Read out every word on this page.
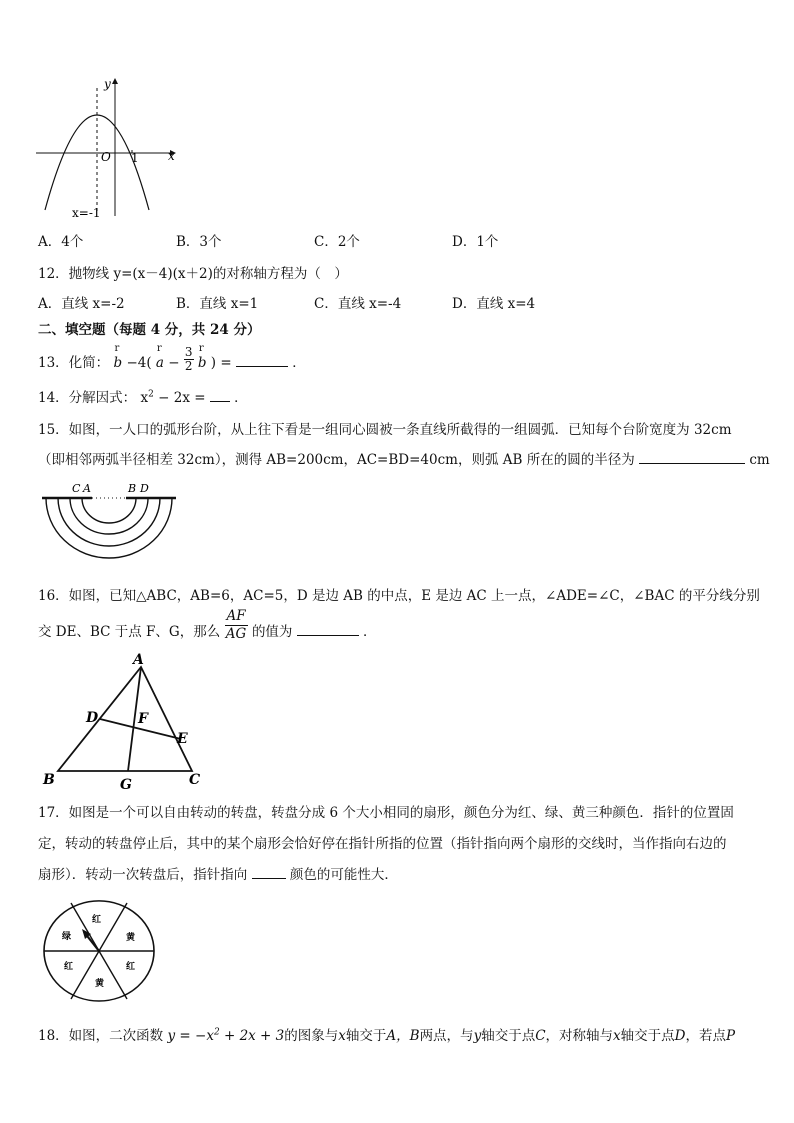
y
x
O 1
x=-1
A．4个	B．3个	C．2个	D．1个
12．抛物线 y=(x－4)(x＋2)的对称轴方程为（　）
A．直线 x=-2	B．直线 x=1	C．直线 x=-4	D．直线 x=4
二、填空题（每题 4 分，共 24 分）
13．化简：
r
b −4(
r
$a - \frac{3}{2}$
r
b ) =	．
14．分解因式： $x^2 - 2x$ =  ．
15．如图，一人口的弧形台阶，从上往下看是一组同心圆被一条直线所截得的一组圆弧．已知每个台阶宽度为 32cm
（即相邻两弧半径相差 32cm），测得 AB=200cm，AC=BD=40cm，则弧 AB 所在的圆的半径为	cm
C A	B D
16．如图，已知△ABC，AB=6，AC=5，D 是边 AB 的中点，E 是边 AC 上一点，∠ADE=∠C，∠BAC 的平分线分别
交 DE、BC 于点 F、G，那么 $\frac{AF}{AG}$ 的值为	．
A
D	F
E
B	G	C
17．如图是一个可以自由转动的转盘，转盘分成 6 个大小相同的扇形，颜色分为红、绿、黄三种颜色．指针的位置固
定，转动的转盘停止后，其中的某个扇形会恰好停在指针所指的位置（指针指向两个扇形的交线时，当作指向右边的
扇形）．转动一次转盘后，指针指向	颜色的可能性大．
红
黄
红
黄
红
绿
18．如图，二次函数 $y = -x^2 + 2x + 3$的图象与x轴交于A，B两点，与y轴交于点C，对称轴与x轴交于点D，若点P
